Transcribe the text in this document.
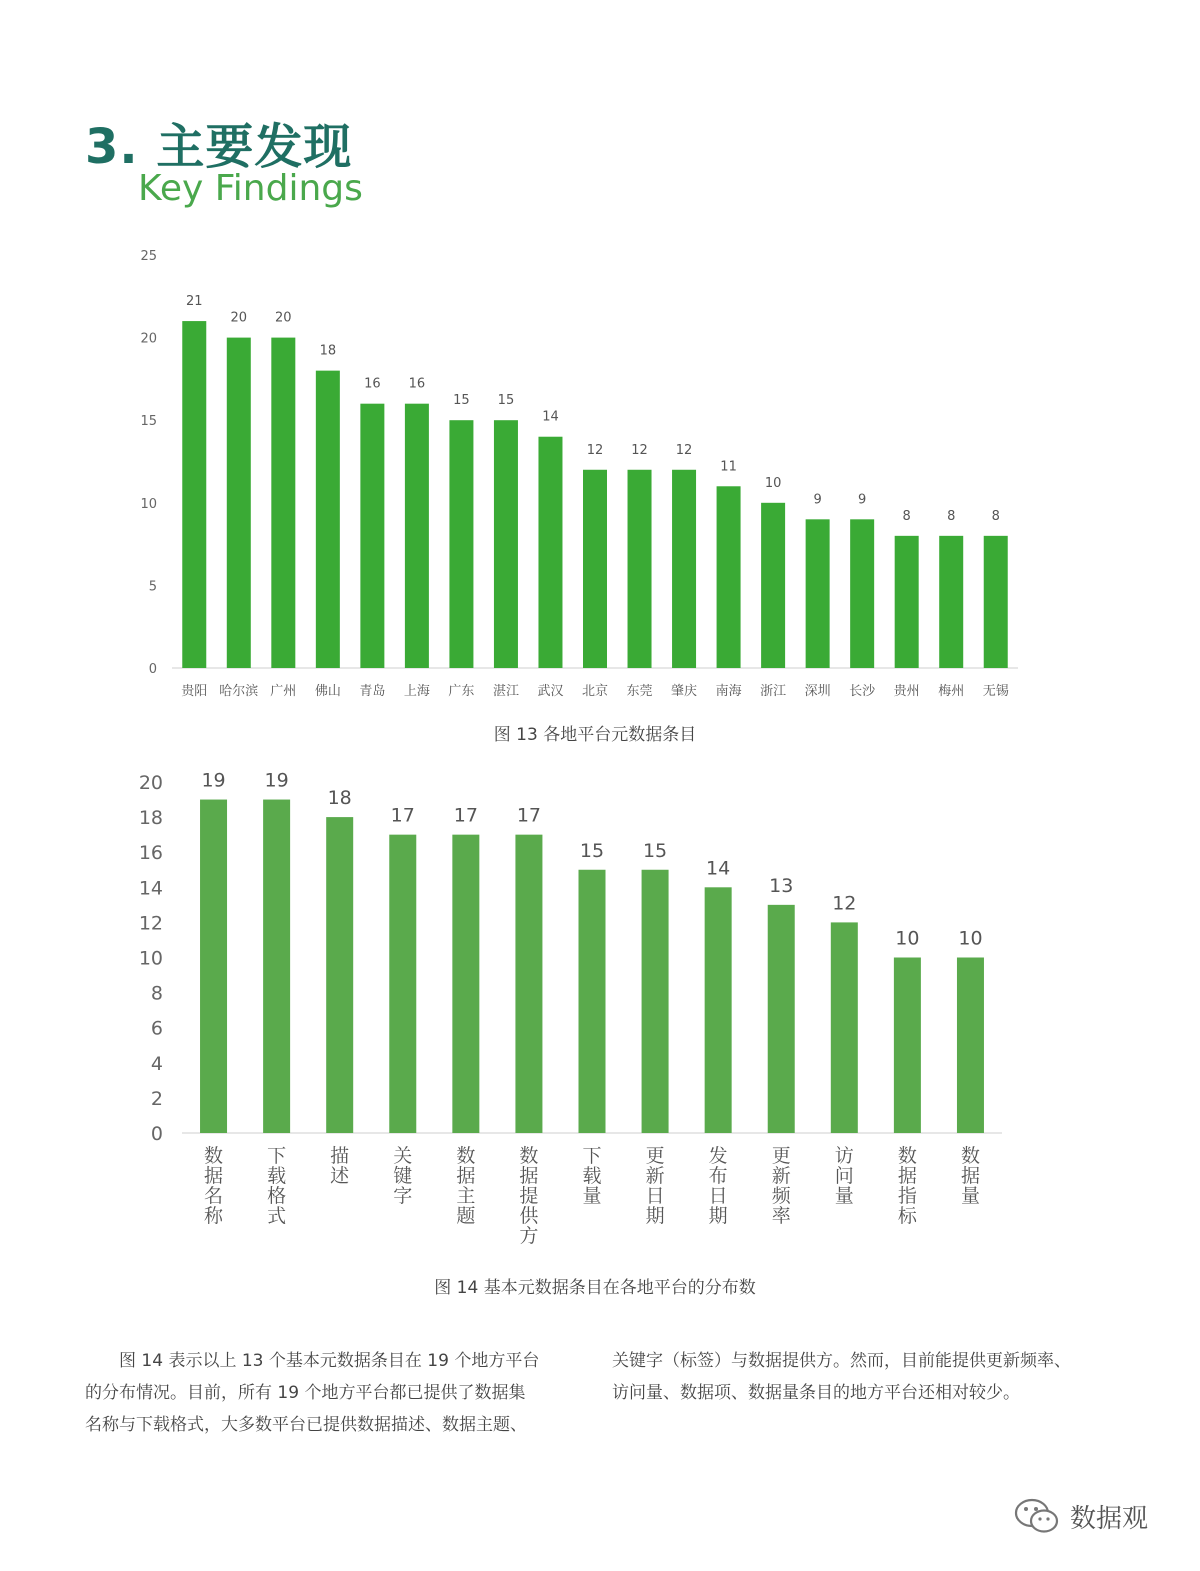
3. 主要发现
Key Findings
0
5
10
15
20
25
21
贵阳
20
哈尔滨
20
广州
18
佛山
16
青岛
16
上海
15
广东
15
湛江
14
武汉
12
北京
12
东莞
12
肇庆
11
南海
10
浙江
9
深圳
9
长沙
8
贵州
8
梅州
8
无锡
图 13 各地平台元数据条目
0
2
4
6
8
10
12
14
16
18
20 19
数据名称
19
下载格式
18
描述
17
关键字
17
数据主题
17
数据提供方
15
下载量
15
更新日期
14
发布日期
13
更新频率
12
访问量
10
数据指标
10
数据量
图 14 基本元数据条目在各地平台的分布数

图 14 表示以上 13 个基本元数据条目在 19 个地方平台

的分布情况。目前，所有 19 个地方平台都已提供了数据集

名称与下载格式，大多数平台已提供数据描述、数据主题、

关键字（标签）与数据提供方。然而，目前能提供更新频率、

访问量、数据项、数据量条目的地方平台还相对较少。

数据观
